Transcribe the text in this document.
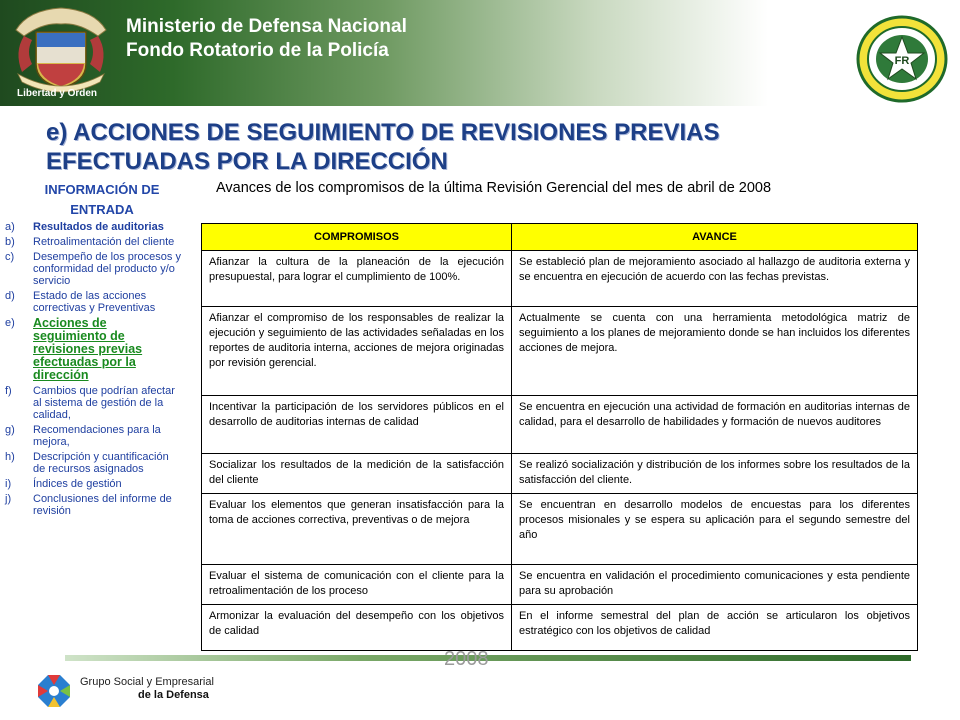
Libertad y Orden
Ministerio de Defensa Nacional
Fondo Rotatorio de la Policía	FR
e) ACCIONES DE SEGUIMIENTO DE REVISIONES PREVIAS EFECTUADAS POR LA DIRECCIÓN
INFORMACIÓN DE ENTRADA
a)	Resultados de auditorias
b)	Retroalimentación del cliente
c)	Desempeño de los procesos y conformidad del producto y/o servicio
d)	Estado de las acciones correctivas y Preventivas
e)	Acciones de seguimiento de revisiones previas efectuadas por la dirección
f)	Cambios que podrían afectar al sistema de gestión de la calidad,
g)	Recomendaciones para la mejora,
h)	Descripción y cuantificación de recursos asignados
i)	Índices de gestión
j)	Conclusiones del informe de revisión
Avances de los compromisos de la última Revisión Gerencial del mes de abril de 2008
COMPROMISOS	AVANCE
Afianzar la cultura de la planeación de la ejecución presupuestal, para lograr el cumplimiento de 100%.	Se estableció plan de mejoramiento asociado al hallazgo de auditoria externa y se encuentra en ejecución de acuerdo con las fechas previstas.
Afianzar el compromiso de los responsables de realizar la ejecución y seguimiento de las actividades señaladas en los reportes de auditoria interna, acciones de mejora originadas por revisión gerencial.	Actualmente se cuenta con una herramienta metodológica matriz de seguimiento a los planes de mejoramiento donde se han incluidos los diferentes acciones de mejora.
Incentivar la participación de los servidores públicos en el desarrollo de auditorias internas de calidad	Se encuentra en ejecución una actividad de formación en auditorias internas de calidad, para el desarrollo de habilidades y formación de nuevos auditores
Socializar los resultados de la medición de la satisfacción del cliente	Se realizó socialización y distribución de los informes sobre los resultados de la satisfacción del cliente.
Evaluar los elementos que generan insatisfacción para la toma de acciones correctiva, preventivas o de mejora	Se encuentran en desarrollo modelos de encuestas para los diferentes procesos misionales y se espera su aplicación para el segundo semestre del año
Evaluar el sistema de comunicación con el cliente para la retroalimentación de los proceso	Se encuentra en validación el procedimiento comunicaciones y esta pendiente para su aprobación
Armonizar la evaluación del desempeño con los objetivos de calidad	En el informe semestral del plan de acción se articularon los objetivos estratégico con los objetivos de calidad
2008
Grupo Social y Empresarial
de la Defensa
